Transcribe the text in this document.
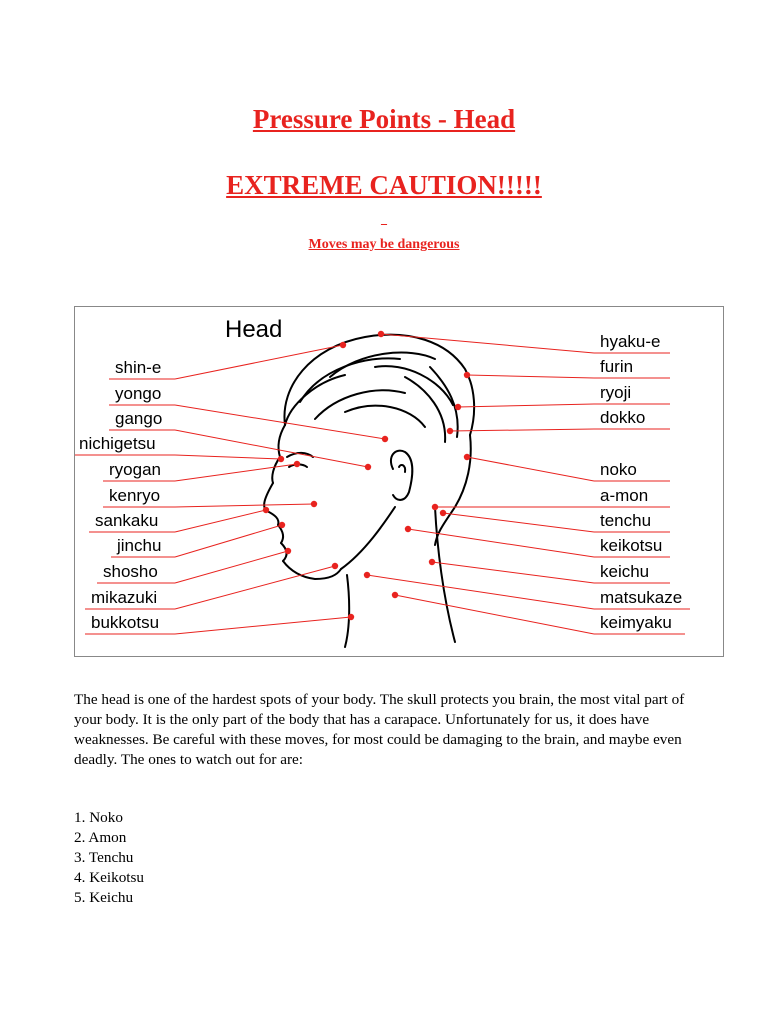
Pressure Points - Head
EXTREME CAUTION!!!!!
_
Moves may be dangerous
Head
shin-e
yongo
gango
nichigetsu
ryogan
kenryo
sankaku
jinchu
shosho
mikazuki
bukkotsu
hyaku-e
furin
ryoji
dokko
noko
a-mon
tenchu
keikotsu
keichu
matsukaze
keimyaku

The head is one of the hardest spots of your body. The skull protects you brain, the most vital part of your body. It is the only part of the body that has a carapace. Unfortunately for us, it does have weaknesses. Be careful with these moves, for most could be damaging to the brain, and maybe even deadly. The ones to watch out for are:

1. Noko
2. Amon
3. Tenchu
4. Keikotsu
5. Keichu
